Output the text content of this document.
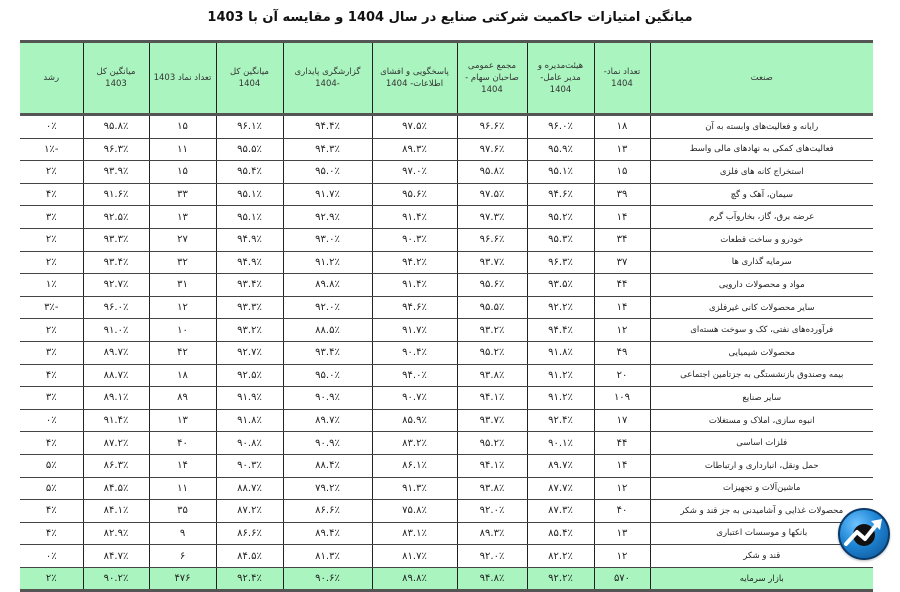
میانگین امتیازات حاکمیت شرکتی صنایع در سال 1404 و مقایسه آن با 1403
صنعت	تعداد نماد- 1404	هیئت‌مدیره و مدیر عامل- 1404	مجمع عمومی صاحبان سهام - 1404	پاسخگویی و افشای اطلاعات- 1404	گزارشگری پایداری -1404	میانگین کل 1404	تعداد نماد 1403	میانگین کل 1403	رشد
رایانه و فعالیت‌های وابسته به آن	۱۸	۹۶.۰٪	۹۶.۶٪	۹۷.۵٪	۹۴.۴٪	۹۶.۱٪	۱۵	۹۵.۸٪	۰٪
فعالیت‌های کمکی به نهادهای مالی واسط	۱۳	۹۵.۹٪	۹۷.۶٪	۸۹.۳٪	۹۴.۳٪	۹۵.۵٪	۱۱	۹۶.۳٪	-۱٪
استخراج کانه های فلزی	۱۵	۹۵.۱٪	۹۵.۸٪	۹۷.۰٪	۹۵.۰٪	۹۵.۴٪	۱۵	۹۳.۹٪	۲٪
سیمان، آهک و گچ	۳۹	۹۴.۶٪	۹۷.۵٪	۹۵.۶٪	۹۱.۷٪	۹۵.۱٪	۳۳	۹۱.۶٪	۴٪
عرضه برق، گاز، بخاروآب گرم	۱۴	۹۵.۲٪	۹۷.۳٪	۹۱.۴٪	۹۲.۹٪	۹۵.۱٪	۱۳	۹۲.۵٪	۳٪
خودرو و ساخت قطعات	۳۴	۹۵.۳٪	۹۶.۶٪	۹۰.۳٪	۹۳.۰٪	۹۴.۹٪	۲۷	۹۳.۳٪	۲٪
سرمایه گذاری ها	۳۷	۹۶.۳٪	۹۳.۷٪	۹۴.۲٪	۹۱.۲٪	۹۴.۹٪	۳۲	۹۳.۴٪	۲٪
مواد و محصولات دارویی	۴۴	۹۳.۵٪	۹۵.۶٪	۹۱.۴٪	۸۹.۸٪	۹۳.۴٪	۳۱	۹۲.۷٪	۱٪
سایر محصولات کانی غیرفلزی	۱۴	۹۲.۲٪	۹۵.۵٪	۹۴.۶٪	۹۲.۰٪	۹۳.۳٪	۱۲	۹۶.۰٪	-۳٪
فرآورده‌های نفتی، کک و سوخت هسته‌ای	۱۲	۹۴.۴٪	۹۳.۲٪	۹۱.۷٪	۸۸.۵٪	۹۳.۲٪	۱۰	۹۱.۰٪	۲٪
محصولات شیمیایی	۴۹	۹۱.۸٪	۹۵.۲٪	۹۰.۴٪	۹۳.۴٪	۹۲.۷٪	۴۲	۸۹.۷٪	۳٪
بیمه وصندوق بازنشستگی به جزتامین اجتماعی	۲۰	۹۱.۲٪	۹۳.۸٪	۹۴.۰٪	۹۵.۰٪	۹۲.۵٪	۱۸	۸۸.۷٪	۴٪
سایر صنایع	۱۰۹	۹۱.۲٪	۹۴.۱٪	۹۰.۷٪	۹۰.۹٪	۹۱.۹٪	۸۹	۸۹.۱٪	۳٪
انبوه سازی، املاک و مستغلات	۱۷	۹۲.۴٪	۹۳.۷٪	۸۵.۹٪	۸۹.۷٪	۹۱.۸٪	۱۳	۹۱.۴٪	۰٪
فلزات اساسی	۴۴	۹۰.۱٪	۹۵.۲٪	۸۳.۲٪	۹۰.۹٪	۹۰.۸٪	۴۰	۸۷.۲٪	۴٪
حمل ونقل، انبارداری و ارتباطات	۱۴	۸۹.۷٪	۹۴.۱٪	۸۶.۱٪	۸۸.۴٪	۹۰.۳٪	۱۴	۸۶.۳٪	۵٪
ماشین‌آلات و تجهیزات	۱۲	۸۷.۷٪	۹۳.۸٪	۹۱.۳٪	۷۹.۲٪	۸۸.۷٪	۱۱	۸۴.۵٪	۵٪
محصولات غذایی و آشامیدنی به جز قند و شکر	۴۰	۸۷.۳٪	۹۲.۰٪	۷۵.۸٪	۸۶.۶٪	۸۷.۲٪	۳۵	۸۴.۱٪	۴٪
بانکها و موسسات اعتباری	۱۳	۸۵.۴٪	۸۹.۳٪	۸۳.۱٪	۸۹.۴٪	۸۶.۶٪	۹	۸۲.۹٪	۴٪
قند و شکر	۱۲	۸۲.۲٪	۹۲.۰٪	۸۱.۷٪	۸۱.۳٪	۸۴.۵٪	۶	۸۴.۷٪	۰٪
بازار سرمایه	۵۷۰	۹۲.۲٪	۹۴.۸٪	۸۹.۸٪	۹۰.۶٪	۹۲.۴٪	۴۷۶	۹۰.۲٪	۲٪
